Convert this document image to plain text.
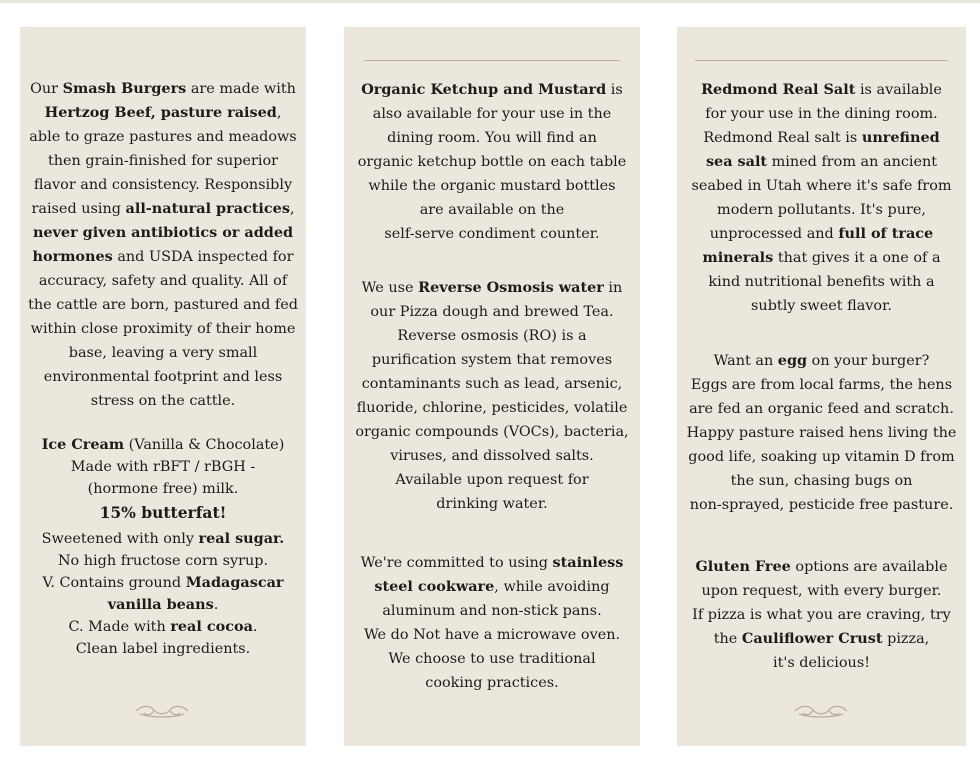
Our Smash Burgers are made with

Hertzog Beef, pasture raised,

able to graze pastures and meadows

then grain-finished for superior

flavor and consistency. Responsibly

raised using all-natural practices,

never given antibiotics or added

hormones and USDA inspected for

accuracy, safety and quality. All of

the cattle are born, pastured and fed

within close proximity of their home

base, leaving a very small

environmental footprint and less

stress on the cattle.

Ice Cream (Vanilla & Chocolate)

Made with rBFT / rBGH -

(hormone free) milk.

15% butterfat!

Sweetened with only real sugar.

No high fructose corn syrup.

V. Contains ground Madagascar

vanilla beans.

C. Made with real cocoa.

Clean label ingredients.

Organic Ketchup and Mustard is

also available for your use in the

dining room. You will find an

organic ketchup bottle on each table

while the organic mustard bottles

are available on the

self-serve condiment counter.

We use Reverse Osmosis water in

our Pizza dough and brewed Tea.

Reverse osmosis (RO) is a

purification system that removes

contaminants such as lead, arsenic,

fluoride, chlorine, pesticides, volatile

organic compounds (VOCs), bacteria,

viruses, and dissolved salts.

Available upon request for

drinking water.

We're committed to using stainless

steel cookware, while avoiding

aluminum and non-stick pans.

We do Not have a microwave oven.

We choose to use traditional

cooking practices.

Redmond Real Salt is available

for your use in the dining room.

Redmond Real salt is unrefined

sea salt mined from an ancient

seabed in Utah where it's safe from

modern pollutants. It's pure,

unprocessed and full of trace

minerals that gives it a one of a

kind nutritional benefits with a

subtly sweet flavor.

Want an egg on your burger?

Eggs are from local farms, the hens

are fed an organic feed and scratch.

Happy pasture raised hens living the

good life, soaking up vitamin D from

the sun, chasing bugs on

non-sprayed, pesticide free pasture.

Gluten Free options are available

upon request, with every burger.

If pizza is what you are craving, try

the Cauliflower Crust pizza,

it's delicious!
